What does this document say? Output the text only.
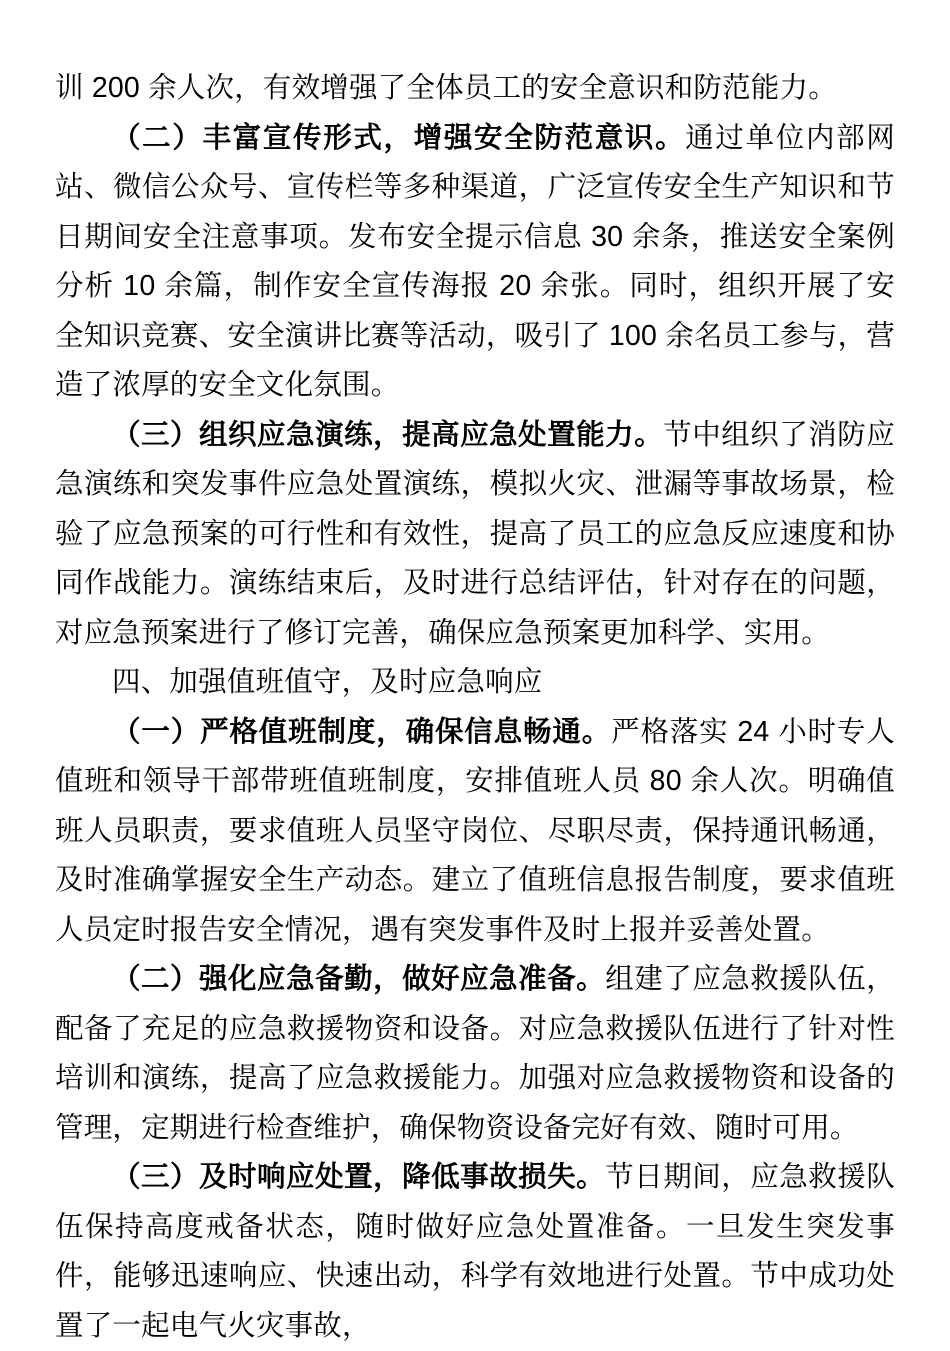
训 200 余人次，有效增强了全体员工的安全意识和防范能力。

（二）丰富宣传形式，增强安全防范意识。通过单位内部网站、微信公众号、宣传栏等多种渠道，广泛宣传安全生产知识和节日期间安全注意事项。发布安全提示信息 30 余条，推送安全案例分析 10 余篇，制作安全宣传海报 20 余张。同时，组织开展了安全知识竞赛、安全演讲比赛等活动，吸引了 100 余名员工参与，营造了浓厚的安全文化氛围。

（三）组织应急演练，提高应急处置能力。节中组织了消防应急演练和突发事件应急处置演练，模拟火灾、泄漏等事故场景，检验了应急预案的可行性和有效性，提高了员工的应急反应速度和协同作战能力。演练结束后，及时进行总结评估，针对存在的问题，对应急预案进行了修订完善，确保应急预案更加科学、实用。

四、加强值班值守，及时应急响应

（一）严格值班制度，确保信息畅通。严格落实 24 小时专人值班和领导干部带班值班制度，安排值班人员 80 余人次。明确值班人员职责，要求值班人员坚守岗位、尽职尽责，保持通讯畅通，及时准确掌握安全生产动态。建立了值班信息报告制度，要求值班人员定时报告安全情况，遇有突发事件及时上报并妥善处置。

（二）强化应急备勤，做好应急准备。组建了应急救援队伍，配备了充足的应急救援物资和设备。对应急救援队伍进行了针对性培训和演练，提高了应急救援能力。加强对应急救援物资和设备的管理，定期进行检查维护，确保物资设备完好有效、随时可用。

（三）及时响应处置，降低事故损失。节日期间，应急救援队伍保持高度戒备状态，随时做好应急处置准备。一旦发生突发事件，能够迅速响应、快速出动，科学有效地进行处置。节中成功处置了一起电气火灾事故，
